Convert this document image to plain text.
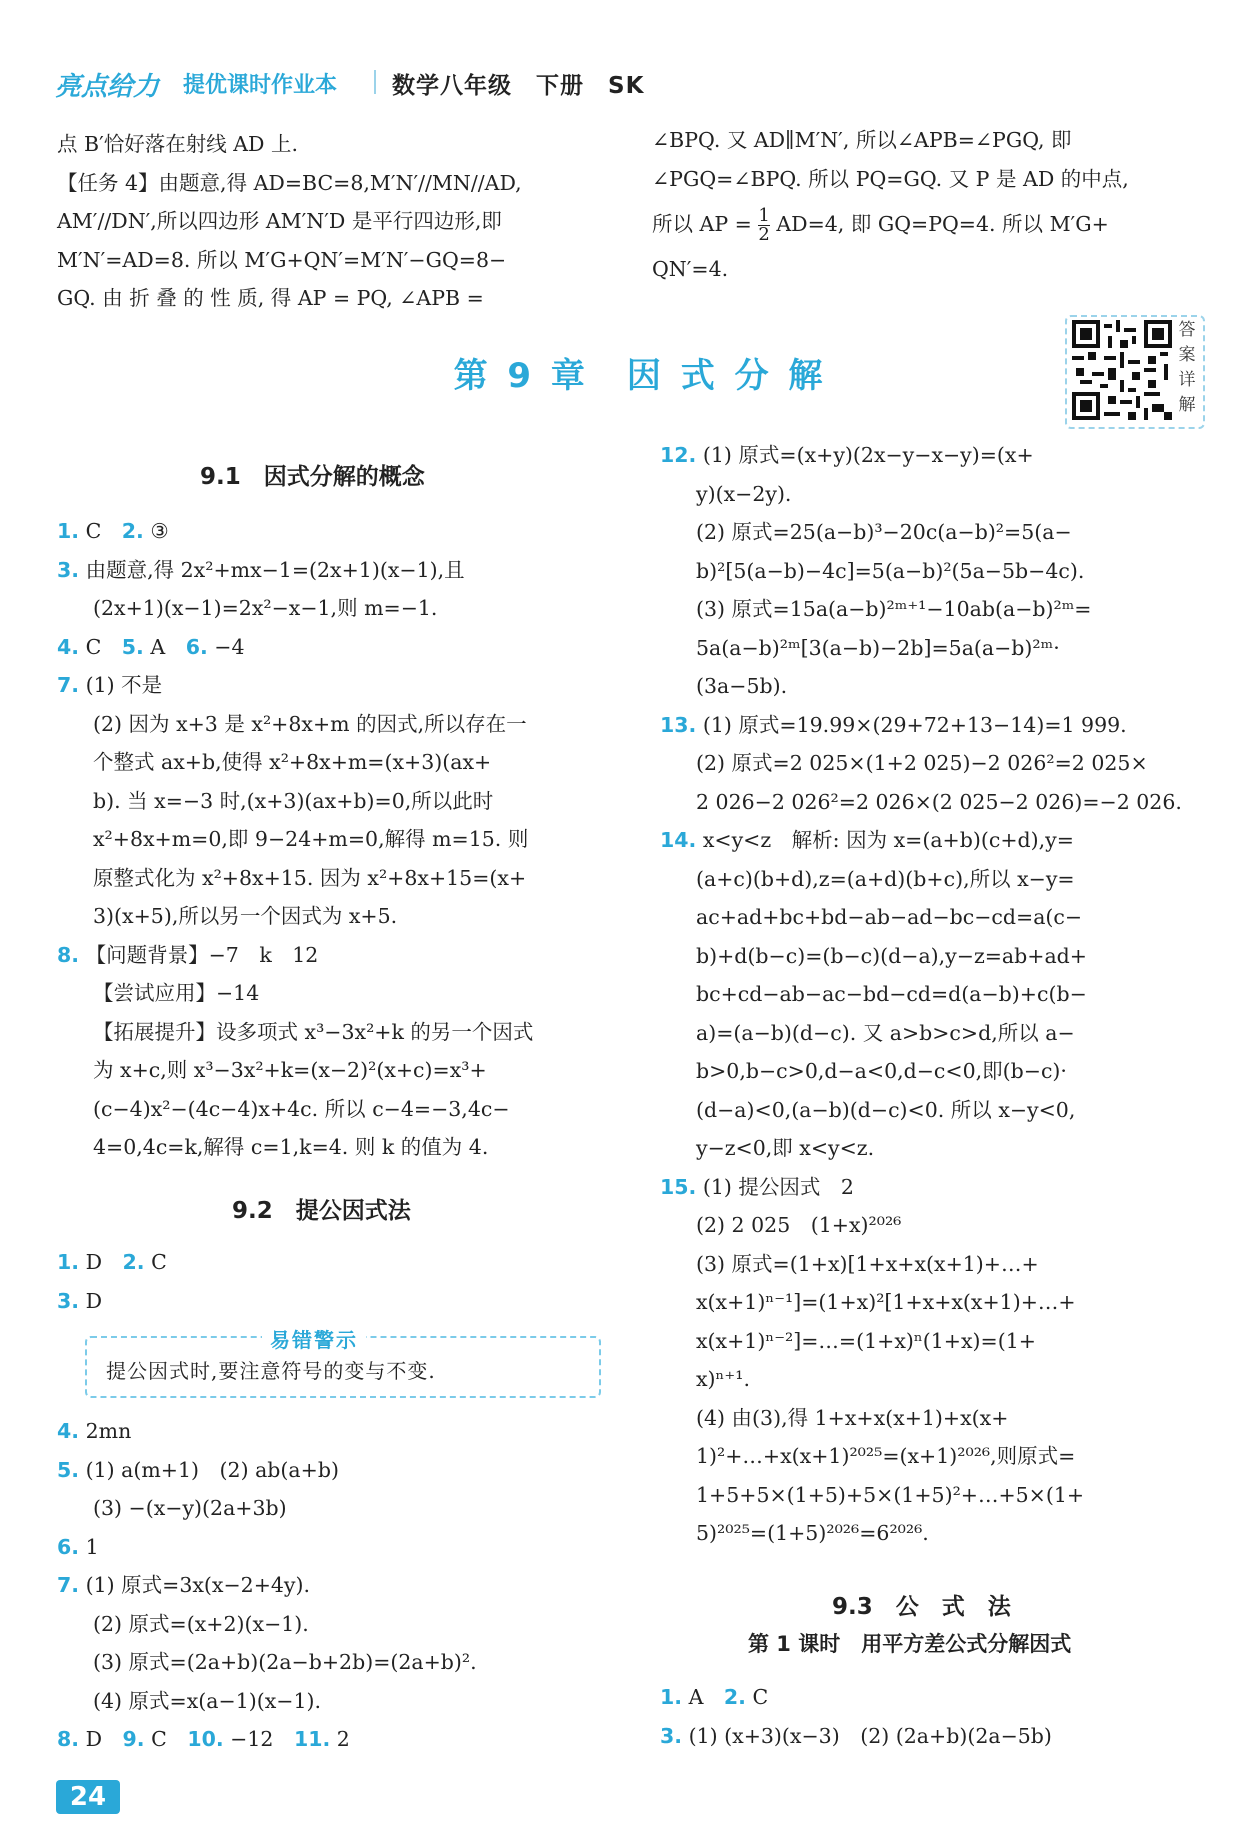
亮点给力 提优课时作业本 数学八年级　下册　SK

点 B′恰好落在射线 AD 上.

【任务 4】由题意,得 AD=BC=8,M′N′//MN//AD,

AM′//DN′,所以四边形 AM′N′D 是平行四边形,即

M′N′=AD=8. 所以 M′G+QN′=M′N′−GQ=8−

GQ. 由 折 叠 的 性 质, 得 AP = PQ, ∠APB =

∠BPQ. 又 AD∥M′N′, 所以∠APB=∠PGQ, 即

∠PGQ=∠BPQ. 所以 PQ=GQ. 又 P 是 AD 的中点,

所以 AP = $\frac{1}{2} AD=4$, 即 GQ=PQ=4. 所以 M′G+

QN′=4.

第 9 章　因 式 分 解
答
案
详
解
9.1　因式分解的概念

1. C　2. ③

3. 由题意,得 2x²+mx−1=(2x+1)(x−1),且

(2x+1)(x−1)=2x²−x−1,则 m=−1.

4. C　5. A　6. −4

7. (1) 不是

(2) 因为 x+3 是 x²+8x+m 的因式,所以存在一

个整式 ax+b,使得 x²+8x+m=(x+3)(ax+

b). 当 x=−3 时,(x+3)(ax+b)=0,所以此时

x²+8x+m=0,即 9−24+m=0,解得 m=15. 则

原整式化为 x²+8x+15. 因为 x²+8x+15=(x+

3)(x+5),所以另一个因式为 x+5.

8. 【问题背景】−7　k　12

【尝试应用】−14

【拓展提升】设多项式 x³−3x²+k 的另一个因式

为 x+c,则 x³−3x²+k=(x−2)²(x+c)=x³+

(c−4)x²−(4c−4)x+4c. 所以 c−4=−3,4c−

4=0,4c=k,解得 c=1,k=4. 则 k 的值为 4.

9.2　提公因式法

1. D　2. C

3. D

易错警示
提公因式时,要注意符号的变与不变.

4. 2mn

5. (1) a(m+1)　(2) ab(a+b)

(3) −(x−y)(2a+3b)

6. 1

7. (1) 原式=3x(x−2+4y).

(2) 原式=(x+2)(x−1).

(3) 原式=(2a+b)(2a−b+2b)=(2a+b)².

(4) 原式=x(a−1)(x−1).

8. D　9. C　10. −12　11. 2

12. (1) 原式=(x+y)(2x−y−x−y)=(x+

y)(x−2y).

(2) 原式=25(a−b)³−20c(a−b)²=5(a−

b)²[5(a−b)−4c]=5(a−b)²(5a−5b−4c).

(3) 原式=15a(a−b)²ᵐ⁺¹−10ab(a−b)²ᵐ=

5a(a−b)²ᵐ[3(a−b)−2b]=5a(a−b)²ᵐ·

(3a−5b).

13. (1) 原式=19.99×(29+72+13−14)=1 999.

(2) 原式=2 025×(1+2 025)−2 026²=2 025×

2 026−2 026²=2 026×(2 025−2 026)=−2 026.

14. x<y<z　解析: 因为 x=(a+b)(c+d),y=

(a+c)(b+d),z=(a+d)(b+c),所以 x−y=

ac+ad+bc+bd−ab−ad−bc−cd=a(c−

b)+d(b−c)=(b−c)(d−a),y−z=ab+ad+

bc+cd−ab−ac−bd−cd=d(a−b)+c(b−

a)=(a−b)(d−c). 又 a>b>c>d,所以 a−

b>0,b−c>0,d−a<0,d−c<0,即(b−c)·

(d−a)<0,(a−b)(d−c)<0. 所以 x−y<0,

y−z<0,即 x<y<z.

15. (1) 提公因式　2

(2) 2 025　(1+x)²⁰²⁶

(3) 原式=(1+x)[1+x+x(x+1)+…+

x(x+1)ⁿ⁻¹]=(1+x)²[1+x+x(x+1)+…+

x(x+1)ⁿ⁻²]=…=(1+x)ⁿ(1+x)=(1+

x)ⁿ⁺¹.

(4) 由(3),得 1+x+x(x+1)+x(x+

1)²+…+x(x+1)²⁰²⁵=(x+1)²⁰²⁶,则原式=

1+5+5×(1+5)+5×(1+5)²+…+5×(1+

5)²⁰²⁵=(1+5)²⁰²⁶=6²⁰²⁶.

9.3　公　式　法
第 1 课时　用平方差公式分解因式

1. A　2. C

3. (1) (x+3)(x−3)　(2) (2a+b)(2a−5b)

24
